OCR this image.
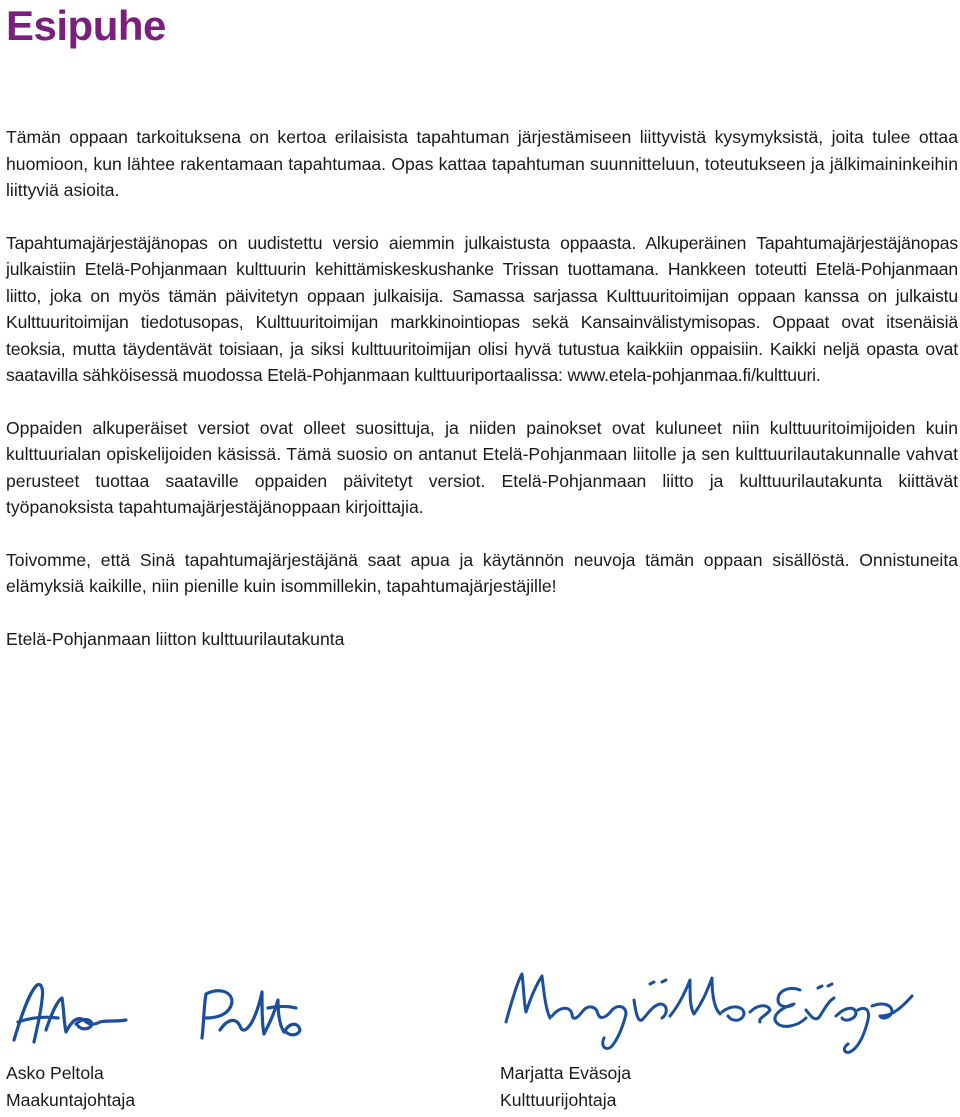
Esipuhe

Tämän oppaan tarkoituksena on kertoa erilaisista tapahtuman järjestämiseen liittyvistä kysymyksistä, joita tulee ottaa huomioon, kun lähtee rakentamaan tapahtumaa. Opas kattaa tapahtuman suunnitteluun, toteutukseen ja jälkimaininkeihin liittyviä asioita.

Tapahtumajärjestäjänopas on uudistettu versio aiemmin julkaistusta oppaasta. Alkuperäinen Tapahtumajärjestäjänopas julkaistiin Etelä-Pohjanmaan kulttuurin kehittämiskeskushanke Trissan tuottamana. Hankkeen toteutti Etelä-Pohjanmaan liitto, joka on myös tämän päivitetyn oppaan julkaisija. Samassa sarjassa Kulttuuritoimijan oppaan kanssa on julkaistu Kulttuuritoimijan tiedotusopas, Kulttuuritoimijan markkinointiopas sekä Kansainvälistymisopas. Oppaat ovat itsenäisiä teoksia, mutta täydentävät toisiaan, ja siksi kulttuuritoimijan olisi hyvä tutustua kaikkiin oppaisiin. Kaikki neljä opasta ovat saatavilla sähköisessä muodossa Etelä-Pohjanmaan kulttuuriportaalissa: www.etela-pohjanmaa.fi/kulttuuri.

Oppaiden alkuperäiset versiot ovat olleet suosittuja, ja niiden painokset ovat kuluneet niin kulttuuritoimijoiden kuin kulttuurialan opiskelijoiden käsissä. Tämä suosio on antanut Etelä-Pohjanmaan liitolle ja sen kulttuurilautakunnalle vahvat perusteet tuottaa saataville oppaiden päivitetyt versiot. Etelä-Pohjanmaan liitto ja kulttuurilautakunta kiittävät työpanoksista tapahtumajärjestäjänoppaan kirjoittajia.

Toivomme, että Sinä tapahtumajärjestäjänä saat apua ja käytännön neuvoja tämän oppaan sisällöstä. Onnistuneita elämyksiä kaikille, niin pienille kuin isommillekin, tapahtumajärjestäjille!

Etelä-Pohjanmaan liitton kulttuurilautakunta

Asko Peltola

Maakuntajohtaja

Marjatta Eväsoja

Kulttuurijohtaja
